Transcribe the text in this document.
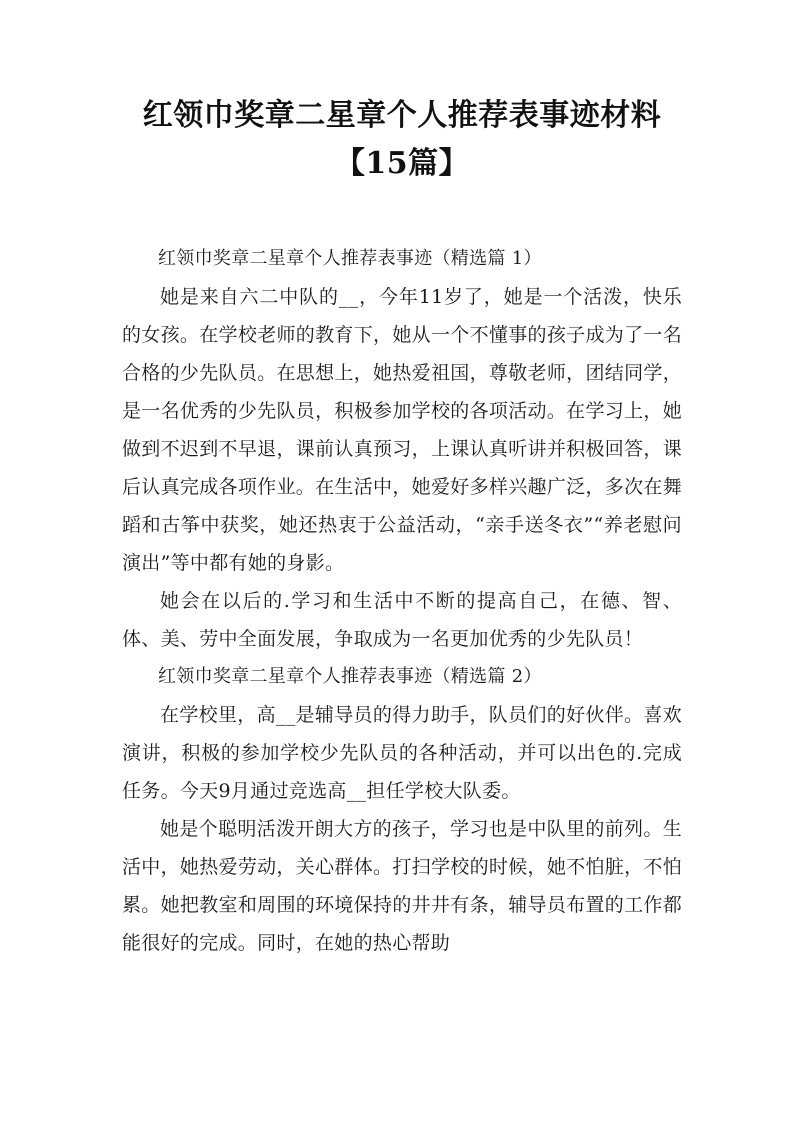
红领巾奖章二星章个人推荐表事迹材料【15篇】

红领巾奖章二星章个人推荐表事迹（精选篇 1）

她是来自六二中队的__，今年11岁了，她是一个活泼，快乐的女孩。在学校老师的教育下，她从一个不懂事的孩子成为了一名合格的少先队员。在思想上，她热爱祖国，尊敬老师，团结同学，是一名优秀的少先队员，积极参加学校的各项活动。在学习上，她做到不迟到不早退，课前认真预习，上课认真听讲并积极回答，课后认真完成各项作业。在生活中，她爱好多样兴趣广泛，多次在舞蹈和古筝中获奖，她还热衷于公益活动，“亲手送冬衣”“养老慰问演出”等中都有她的身影。

她会在以后的.学习和生活中不断的提高自己，在德、智、体、美、劳中全面发展，争取成为一名更加优秀的少先队员！

红领巾奖章二星章个人推荐表事迹（精选篇 2）

在学校里，高__是辅导员的得力助手，队员们的好伙伴。喜欢演讲，积极的参加学校少先队员的各种活动，并可以出色的.完成任务。今天9月通过竞选高__担任学校大队委。

她是个聪明活泼开朗大方的孩子，学习也是中队里的前列。生活中，她热爱劳动，关心群体。打扫学校的时候，她不怕脏，不怕累。她把教室和周围的环境保持的井井有条，辅导员布置的工作都能很好的完成。同时，在她的热心帮助
